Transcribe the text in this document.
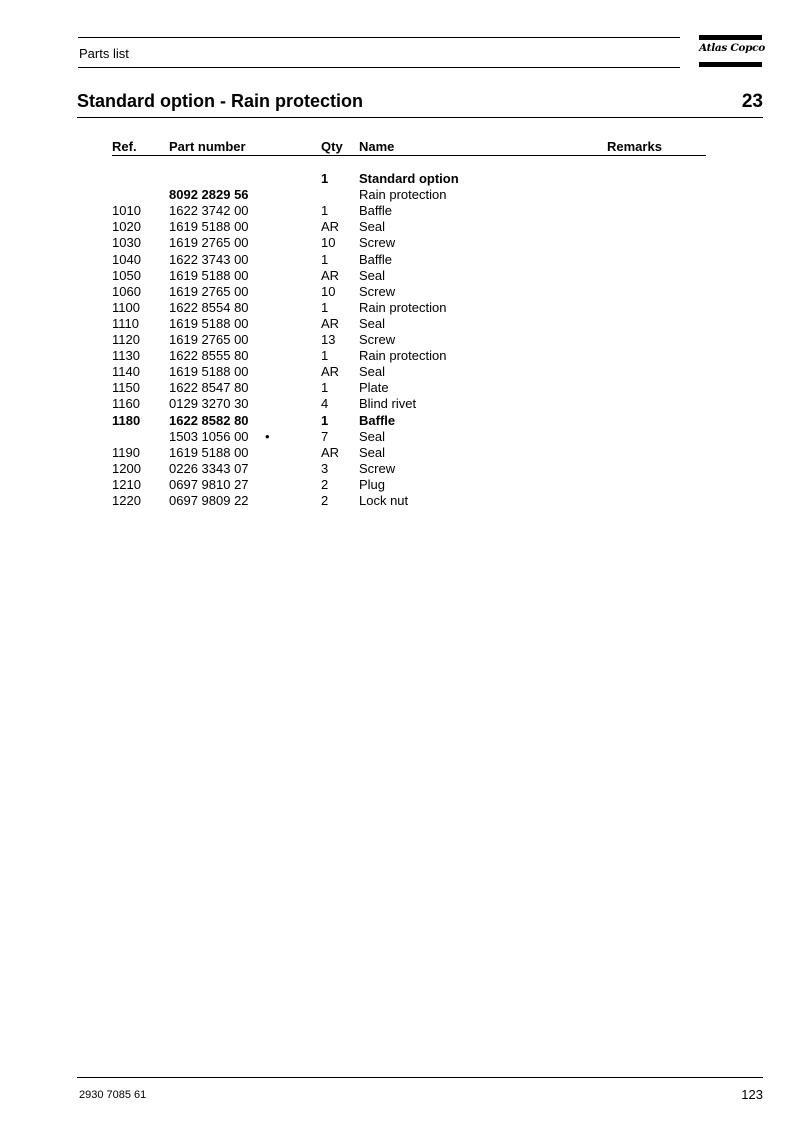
Parts list	Atlas Copco
Standard option - Rain protection	23
Ref. Part number	Qty Name	Remarks
1 Standard option
8092 2829 56	Rain protection
1010 1622 3742 00	1 Baffle
1020 1619 5188 00	AR Seal
1030 1619 2765 00	10 Screw
1040 1622 3743 00	1 Baffle
1050 1619 5188 00	AR Seal
1060 1619 2765 00	10 Screw
1100 1622 8554 80	1 Rain protection
1110 1619 5188 00	AR Seal
1120 1619 2765 00	13 Screw
1130 1622 8555 80	1 Rain protection
1140 1619 5188 00	AR Seal
1150 1622 8547 80	1 Plate
1160 0129 3270 30	4 Blind rivet
1180 1622 8582 80	1 Baffle
1503 1056 00 •	7 Seal
1190 1619 5188 00	AR Seal
1200 0226 3343 07	3 Screw
1210 0697 9810 27	2 Plug
1220 0697 9809 22	2 Lock nut
2930 7085 61	123
